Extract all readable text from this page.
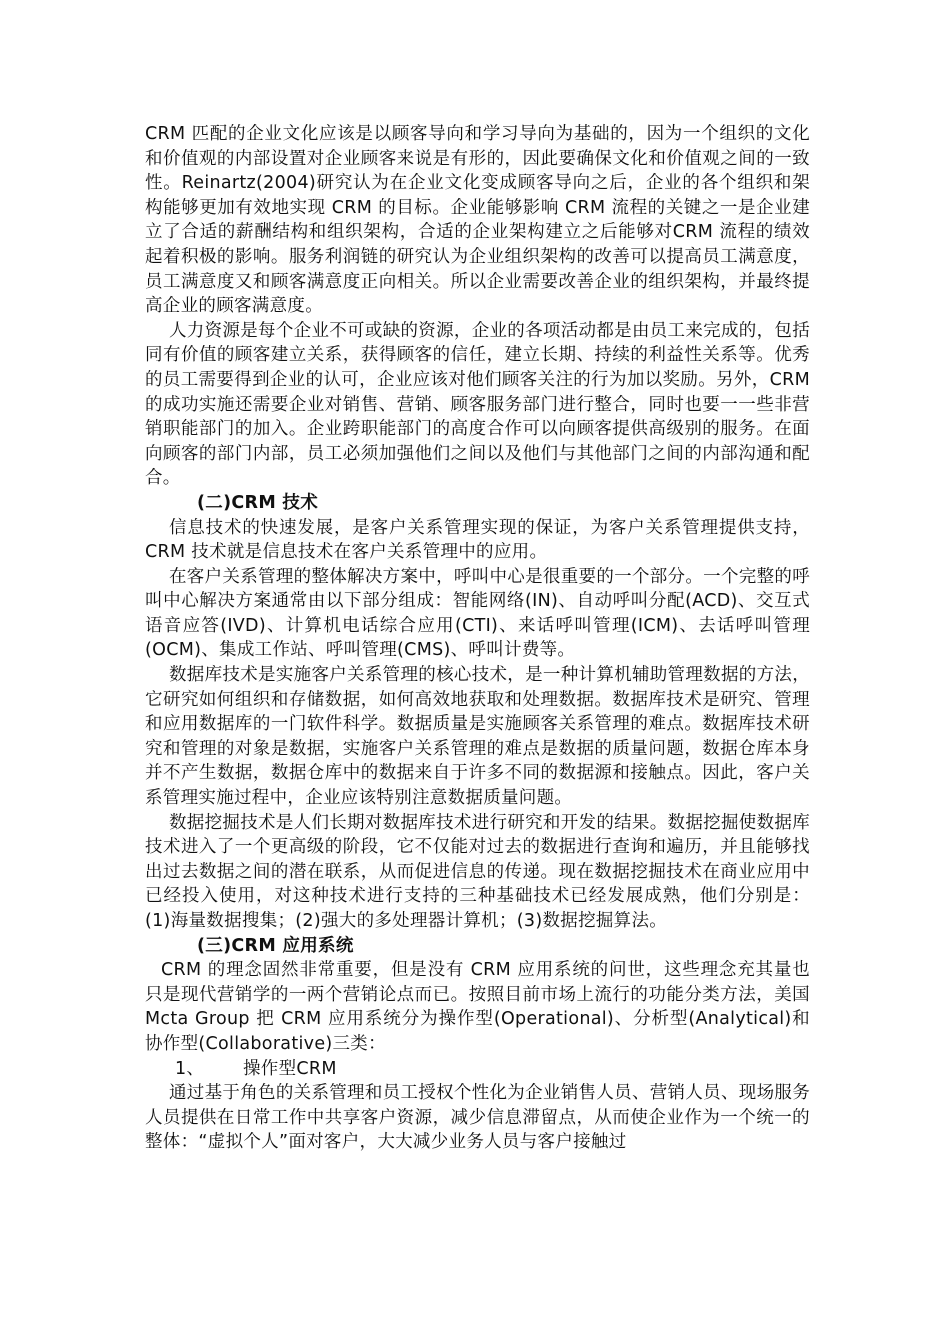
CRM 匹配的企业文化应该是以顾客导向和学习导向为基础的，因为一个组织的文化和价值观的内部设置对企业顾客来说是有形的，因此要确保文化和价值观之间的一致性。Reinartz(2004)研究认为在企业文化变成顾客导向之后，企业的各个组织和架构能够更加有效地实现 CRM 的目标。企业能够影响 CRM 流程的关键之一是企业建立了合适的薪酬结构和组织架构，合适的企业架构建立之后能够对CRM 流程的绩效起着积极的影响。服务利润链的研究认为企业组织架构的改善可以提高员工满意度，员工满意度又和顾客满意度正向相关。所以企业需要改善企业的组织架构，并最终提高企业的顾客满意度。

人力资源是每个企业不可或缺的资源，企业的各项活动都是由员工来完成的，包括同有价值的顾客建立关系，获得顾客的信任，建立长期、持续的利益性关系等。优秀的员工需要得到企业的认可，企业应该对他们顾客关注的行为加以奖励。另外，CRM 的成功实施还需要企业对销售、营销、顾客服务部门进行整合，同时也要一一些非营销职能部门的加入。企业跨职能部门的高度合作可以向顾客提供高级别的服务。在面向顾客的部门内部，员工必须加强他们之间以及他们与其他部门之间的内部沟通和配合。

(二)CRM 技术

信息技术的快速发展，是客户关系管理实现的保证，为客户关系管理提供支持，CRM 技术就是信息技术在客户关系管理中的应用。

在客户关系管理的整体解决方案中，呼叫中心是很重要的一个部分。一个完整的呼叫中心解决方案通常由以下部分组成：智能网络(IN)、自动呼叫分配(ACD)、交互式语音应答(IVD)、计算机电话综合应用(CTI)、来话呼叫管理(ICM)、去话呼叫管理(OCM)、集成工作站、呼叫管理(CMS)、呼叫计费等。

数据库技术是实施客户关系管理的核心技术，是一种计算机辅助管理数据的方法，它研究如何组织和存储数据，如何高效地获取和处理数据。数据库技术是研究、管理和应用数据库的一门软件科学。数据质量是实施顾客关系管理的难点。数据库技术研究和管理的对象是数据，实施客户关系管理的难点是数据的质量问题，数据仓库本身并不产生数据，数据仓库中的数据来自于许多不同的数据源和接触点。因此，客户关系管理实施过程中，企业应该特别注意数据质量问题。

数据挖掘技术是人们长期对数据库技术进行研究和开发的结果。数据挖掘使数据库技术进入了一个更高级的阶段，它不仅能对过去的数据进行查询和遍历，并且能够找出过去数据之间的潜在联系，从而促进信息的传递。现在数据挖掘技术在商业应用中已经投入使用，对这种技术进行支持的三种基础技术已经发展成熟，他们分别是：(1)海量数据搜集；(2)强大的多处理器计算机；(3)数据挖掘算法。

(三)CRM 应用系统

CRM 的理念固然非常重要，但是没有 CRM 应用系统的问世，这些理念充其量也只是现代营销学的一两个营销论点而已。按照目前市场上流行的功能分类方法，美国 Mcta Group 把 CRM 应用系统分为操作型(Operational)、分析型(Analytical)和协作型(Collaborative)三类：

1、 操作型CRM

通过基于角色的关系管理和员工授权个性化为企业销售人员、营销人员、现场服务人员提供在日常工作中共享客户资源，减少信息滞留点，从而使企业作为一个统一的整体：“虚拟个人”面对客户，大大减少业务人员与客户接触过
